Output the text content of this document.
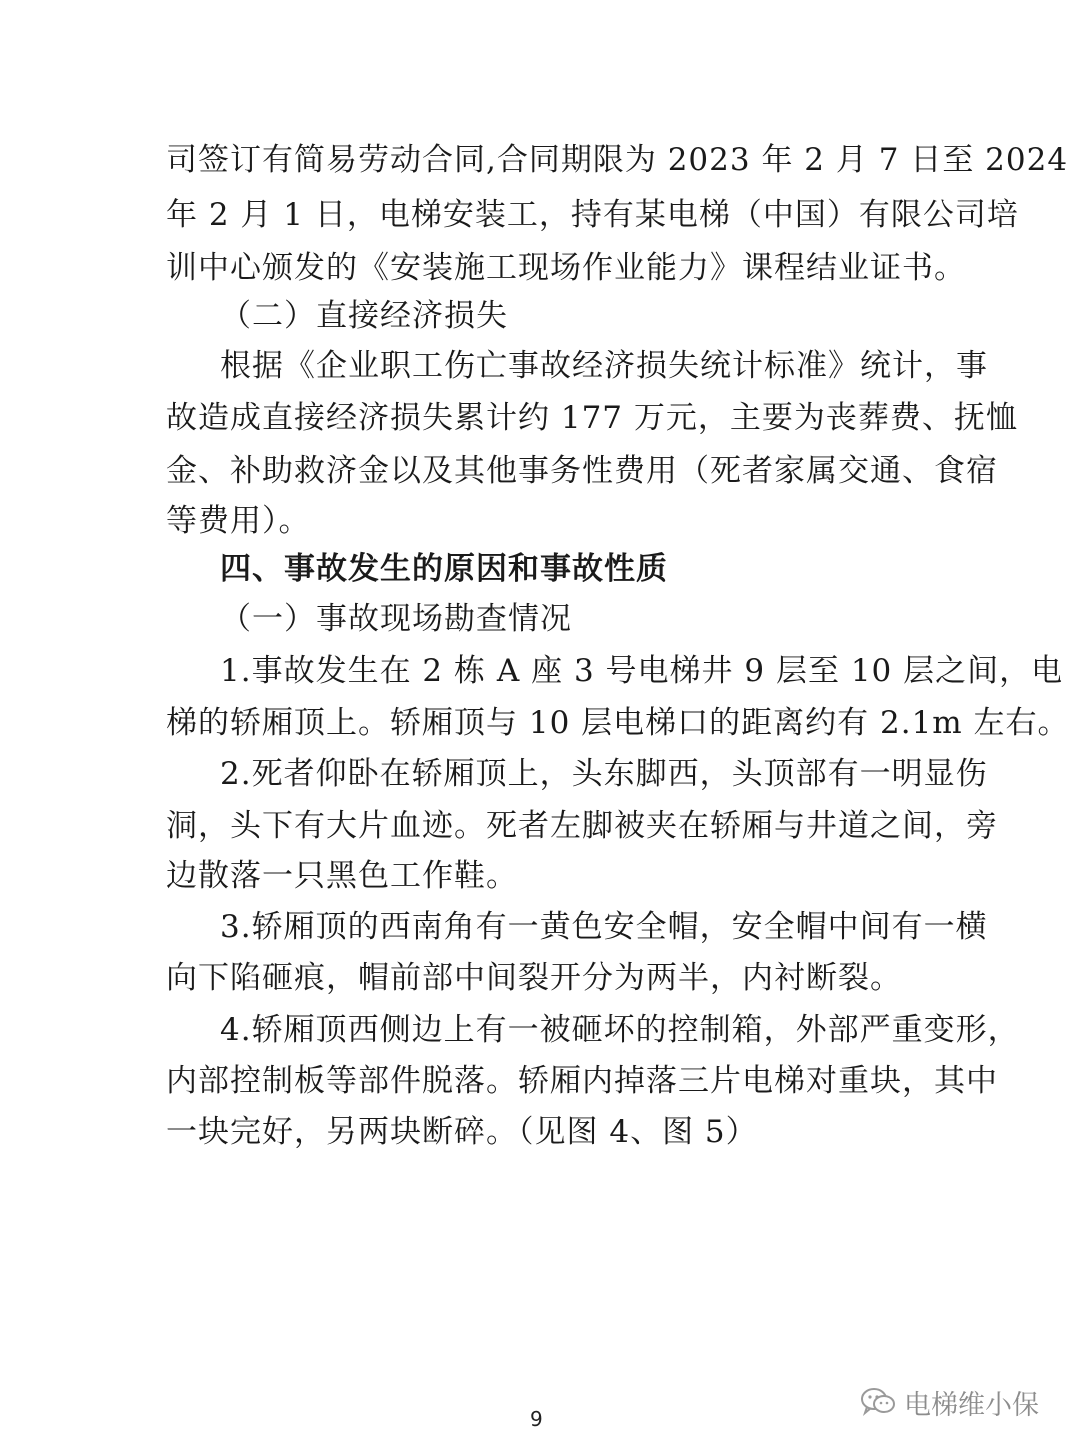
司签订有简易劳动合同,合同期限为 2023 年 2 月 7 日至 2024
年 2 月 1 日，电梯安装工，持有某电梯（中国）有限公司培
训中心颁发的《安装施工现场作业能力》课程结业证书。
（二）直接经济损失
根据《企业职工伤亡事故经济损失统计标准》统计，事
故造成直接经济损失累计约 177 万元，主要为丧葬费、抚恤
金、补助救济金以及其他事务性费用（死者家属交通、食宿
等费用）。
四、事故发生的原因和事故性质
（一）事故现场勘查情况
1.事故发生在 2 栋 A 座 3 号电梯井 9 层至 10 层之间，电
梯的轿厢顶上。轿厢顶与 10 层电梯口的距离约有 2.1m 左右。
2.死者仰卧在轿厢顶上，头东脚西，头顶部有一明显伤
洞，头下有大片血迹。死者左脚被夹在轿厢与井道之间，旁
边散落一只黑色工作鞋。
3.轿厢顶的西南角有一黄色安全帽，安全帽中间有一横
向下陷砸痕，帽前部中间裂开分为两半，内衬断裂。
4.轿厢顶西侧边上有一被砸坏的控制箱，外部严重变形，
内部控制板等部件脱落。轿厢内掉落三片电梯对重块，其中
一块完好，另两块断碎。（见图 4、图 5）
9	电梯维小保
